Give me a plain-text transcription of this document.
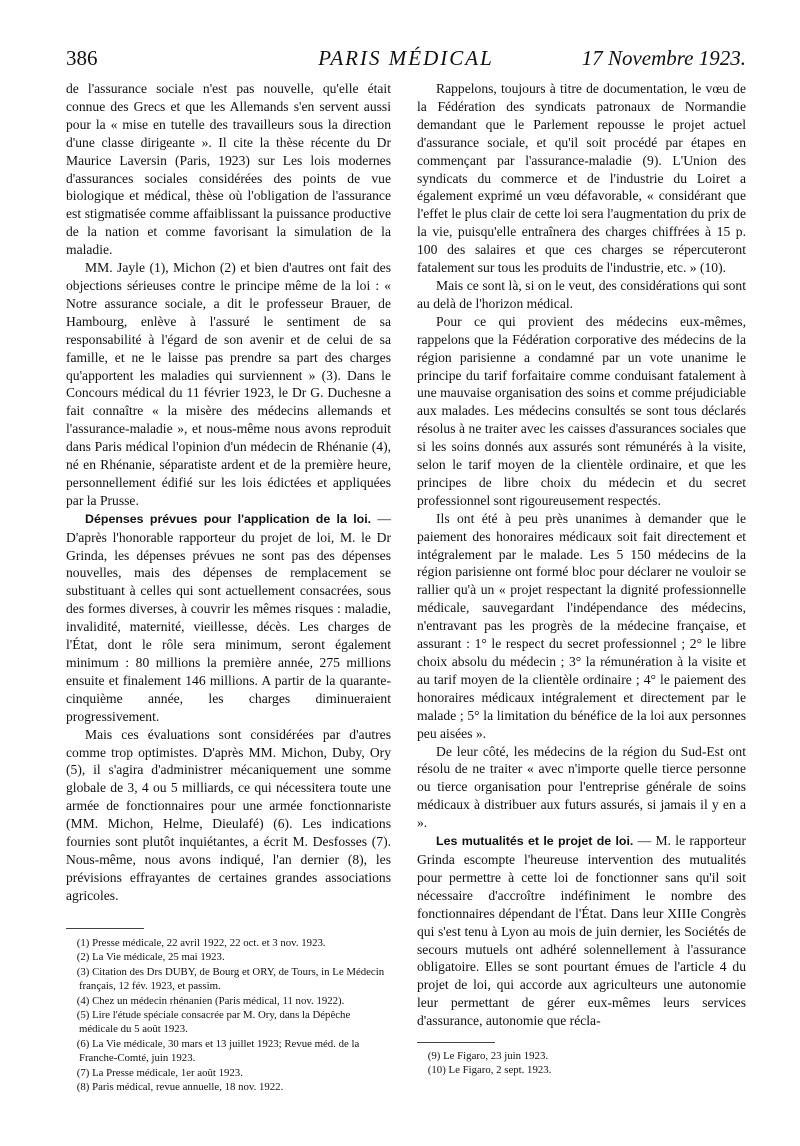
386	PARIS MÉDICAL	17 Novembre 1923.

de l'assurance sociale n'est pas nouvelle, qu'elle était connue des Grecs et que les Allemands s'en servent aussi pour la « mise en tutelle des travailleurs sous la direction d'une classe dirigeante ». Il cite la thèse récente du Dr Maurice Laversin (Paris, 1923) sur Les lois modernes d'assurances sociales considérées des points de vue biologique et médical, thèse où l'obligation de l'assurance est stigmatisée comme affaiblissant la puissance productive de la nation et comme favorisant la simulation de la maladie.

MM. Jayle (1), Michon (2) et bien d'autres ont fait des objections sérieuses contre le principe même de la loi : « Notre assurance sociale, a dit le professeur Brauer, de Hambourg, enlève à l'assuré le sentiment de sa responsabilité à l'égard de son avenir et de celui de sa famille, et ne le laisse pas prendre sa part des charges qu'apportent les maladies qui surviennent » (3). Dans le Concours médical du 11 février 1923, le Dr G. Duchesne a fait connaître « la misère des médecins allemands et l'assurance-maladie », et nous-même nous avons reproduit dans Paris médical l'opinion d'un médecin de Rhénanie (4), né en Rhénanie, séparatiste ardent et de la première heure, personnellement édifié sur les lois édictées et appliquées par la Prusse.

Dépenses prévues pour l'application de la loi. — D'après l'honorable rapporteur du projet de loi, M. le Dr Grinda, les dépenses prévues ne sont pas des dépenses nouvelles, mais des dépenses de remplacement se substituant à celles qui sont actuellement consacrées, sous des formes diverses, à couvrir les mêmes risques : maladie, invalidité, maternité, vieillesse, décès. Les charges de l'État, dont le rôle sera minimum, seront également minimum : 80 millions la première année, 275 millions ensuite et finalement 146 millions. A partir de la quarante-cinquième année, les charges diminueraient progressivement.

Mais ces évaluations sont considérées par d'autres comme trop optimistes. D'après MM. Michon, Duby, Ory (5), il s'agira d'administrer mécaniquement une somme globale de 3, 4 ou 5 milliards, ce qui nécessitera toute une armée de fonctionnaires pour une armée fonctionnariste (MM. Michon, Helme, Dieulafé) (6). Les indications fournies sont plutôt inquiétantes, a écrit M. Desfosses (7). Nous-même, nous avons indiqué, l'an dernier (8), les prévisions effrayantes de certaines grandes associations agricoles.

(1) Presse médicale, 22 avril 1922, 22 oct. et 3 nov. 1923.

(2) La Vie médicale, 25 mai 1923.

(3) Citation des Drs DUBY, de Bourg et ORY, de Tours, in Le Médecin français, 12 fév. 1923, et passim.

(4) Chez un médecin rhénanien (Paris médical, 11 nov. 1922).

(5) Lire l'étude spéciale consacrée par M. Ory, dans la Dépêche médicale du 5 août 1923.

(6) La Vie médicale, 30 mars et 13 juillet 1923; Revue méd. de la Franche-Comté, juin 1923.

(7) La Presse médicale, 1er août 1923.

(8) Paris médical, revue annuelle, 18 nov. 1922.

Rappelons, toujours à titre de documentation, le vœu de la Fédération des syndicats patronaux de Normandie demandant que le Parlement repousse le projet actuel d'assurance sociale, et qu'il soit procédé par étapes en commençant par l'assurance-maladie (9). L'Union des syndicats du commerce et de l'industrie du Loiret a également exprimé un vœu défavorable, « considérant que l'effet le plus clair de cette loi sera l'augmentation du prix de la vie, puisqu'elle entraînera des charges chiffrées à 15 p. 100 des salaires et que ces charges se répercuteront fatalement sur tous les produits de l'industrie, etc. » (10).

Mais ce sont là, si on le veut, des considérations qui sont au delà de l'horizon médical.

Pour ce qui provient des médecins eux-mêmes, rappelons que la Fédération corporative des médecins de la région parisienne a condamné par un vote unanime le principe du tarif forfaitaire comme conduisant fatalement à une mauvaise organisation des soins et comme préjudiciable aux malades. Les médecins consultés se sont tous déclarés résolus à ne traiter avec les caisses d'assurances sociales que si les soins donnés aux assurés sont rémunérés à la visite, selon le tarif moyen de la clientèle ordinaire, et que les principes de libre choix du médecin et du secret professionnel sont rigoureusement respectés.

Ils ont été à peu près unanimes à demander que le paiement des honoraires médicaux soit fait directement et intégralement par le malade. Les 5 150 médecins de la région parisienne ont formé bloc pour déclarer ne vouloir se rallier qu'à un « projet respectant la dignité professionnelle médicale, sauvegardant l'indépendance des médecins, n'entravant pas les progrès de la médecine française, et assurant : 1° le respect du secret professionnel ; 2° le libre choix absolu du médecin ; 3° la rémunération à la visite et au tarif moyen de la clientèle ordinaire ; 4° le paiement des honoraires médicaux intégralement et directement par le malade ; 5° la limitation du bénéfice de la loi aux personnes peu aisées ».

De leur côté, les médecins de la région du Sud-Est ont résolu de ne traiter « avec n'importe quelle tierce personne ou tierce organisation pour l'entreprise générale de soins médicaux à distribuer aux futurs assurés, si jamais il y en a ».

Les mutualités et le projet de loi. — M. le rapporteur Grinda escompte l'heureuse intervention des mutualités pour permettre à cette loi de fonctionner sans qu'il soit nécessaire d'accroître indéfiniment le nombre des fonctionnaires dépendant de l'État. Dans leur XIIIe Congrès qui s'est tenu à Lyon au mois de juin dernier, les Sociétés de secours mutuels ont adhéré solennellement à l'assurance obligatoire. Elles se sont pourtant émues de l'article 4 du projet de loi, qui accorde aux agriculteurs une autonomie leur permettant de gérer eux-mêmes leurs services d'assurance, autonomie que récla-

(9) Le Figaro, 23 juin 1923.

(10) Le Figaro, 2 sept. 1923.
